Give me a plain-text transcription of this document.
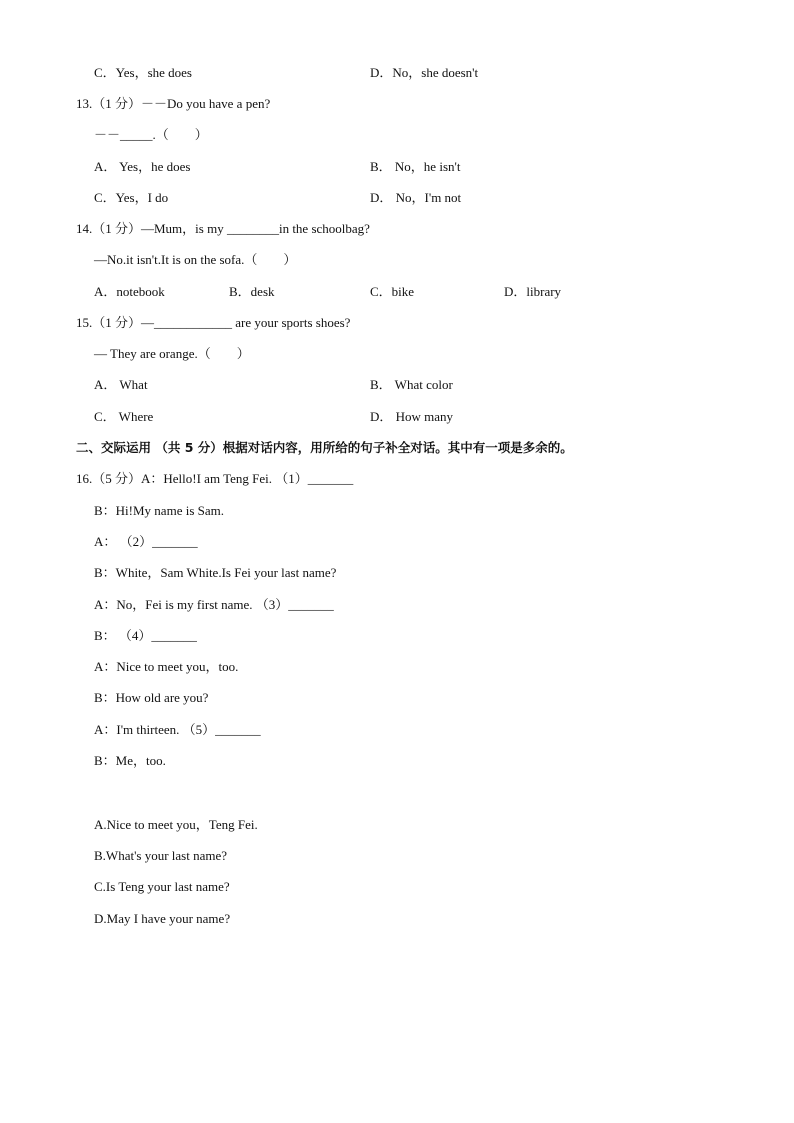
C．Yes，she does	D．No，she doesn't
13.（1 分）－－Do you have a pen?
－－_____.（　　）
A． Yes，he does	B． No，he isn't
C．Yes，I do	D． No，I'm not
14.（1 分）—Mum，is my ________in the schoolbag?
—No.it isn't.It is on the sofa.（　　）
A．notebook	B．desk	C．bike	D．library
15.（1 分）—____________ are your sports shoes?
— They are orange.（　　）
A． What	B． What color
C． Where	D． How many
二、交际运用 （共 5 分）根据对话内容，用所给的句子补全对话。其中有一项是多余的。
16.（5 分）A：Hello!I am Teng Fei. （1）_______
B：Hi!My name is Sam.
A： （2）_______
B：White，Sam White.Is Fei your last name?
A：No，Fei is my first name. （3）_______
B： （4）_______
A：Nice to meet you，too.
B：How old are you?
A：I'm thirteen. （5）_______
B：Me，too.
A.Nice to meet you，Teng Fei.
B.What's your last name?
C.Is Teng your last name?
D.May I have your name?
